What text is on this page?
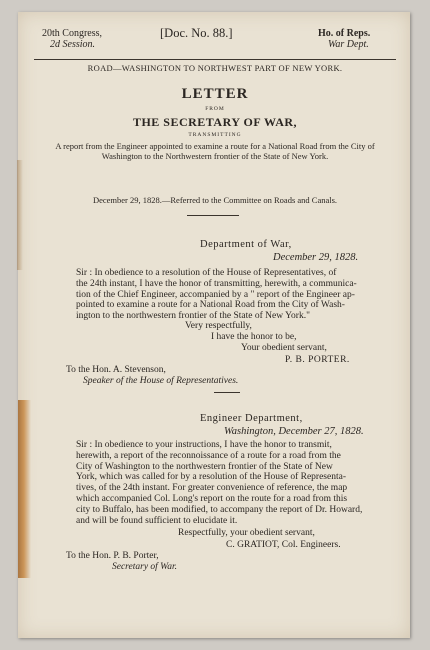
20th Congress,
2d Session.
[Doc. No. 88.]	Ho. of Reps.
War Dept.
ROAD—WASHINGTON TO NORTHWEST PART OF NEW YORK.
LETTER
FROM
THE SECRETARY OF WAR,
TRANSMITTING
A report from the Engineer appointed to examine a route for a National Road from the City of
Washington to the Northwestern frontier of the State of New York.
December 29, 1828.—Referred to the Committee on Roads and Canals.
Department of War,
December 29, 1828.
Sir : In obedience to a resolution of the House of Representatives, of
the 24th instant, I have the honor of transmitting, herewith, a communica-
tion of the Chief Engineer, accompanied by a " report of the Engineer ap-
pointed to examine a route for a National Road from the City of Wash-
ington to the northwestern frontier of the State of New York."
Very respectfully,
I have the honor to be,
Your obedient servant,
P. B. PORTER.
To the Hon. A. Stevenson,
Speaker of the House of Representatives.
Engineer Department,
Washington, December 27, 1828.
Sir : In obedience to your instructions, I have the honor to transmit,
herewith, a report of the reconnoissance of a route for a road from the
City of Washington to the northwestern frontier of the State of New
York, which was called for by a resolution of the House of Representa-
tives, of the 24th instant. For greater convenience of reference, the map
which accompanied Col. Long's report on the route for a road from this
city to Buffalo, has been modified, to accompany the report of Dr. Howard,
and will be found sufficient to elucidate it.
Respectfully, your obedient servant,
C. GRATIOT, Col. Engineers.
To the Hon. P. B. Porter,
Secretary of War.
